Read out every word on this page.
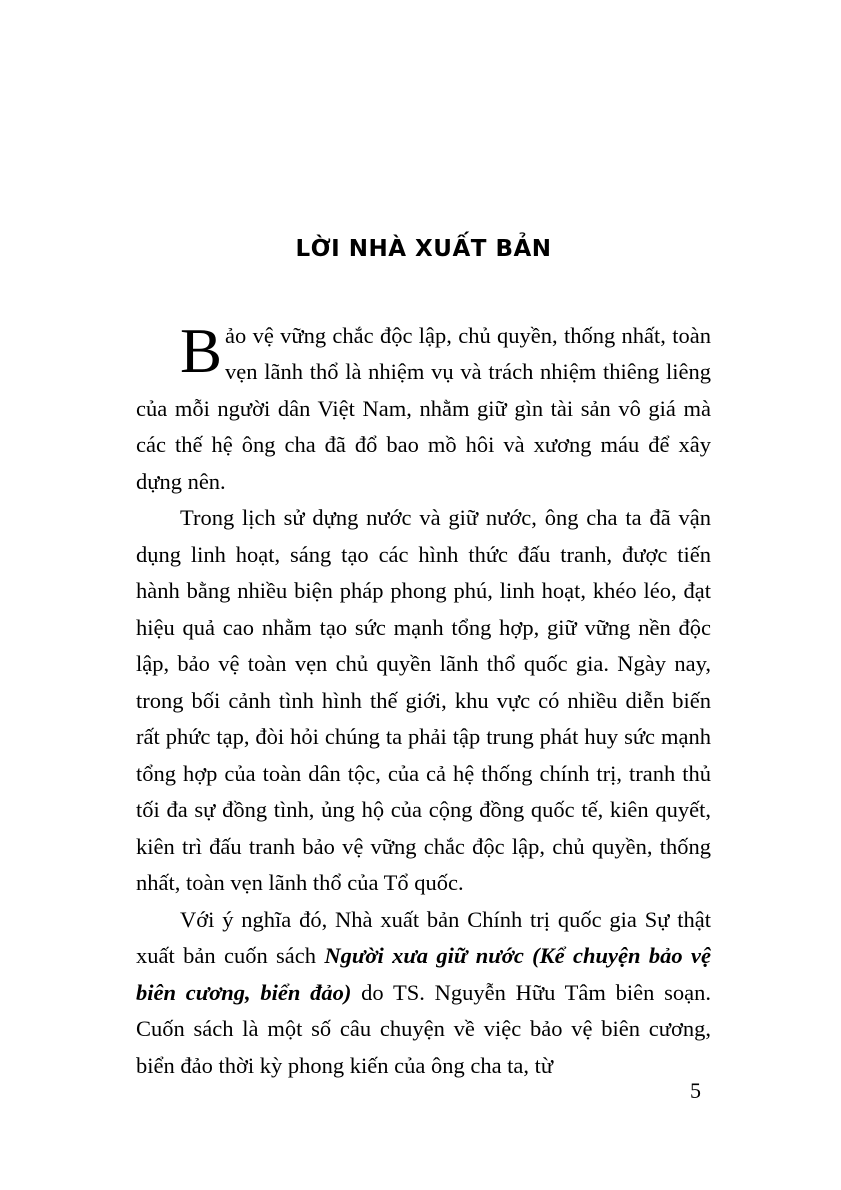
LỜI NHÀ XUẤT BẢN

Bảo vệ vững chắc độc lập, chủ quyền, thống nhất, toàn vẹn lãnh thổ là nhiệm vụ và trách nhiệm thiêng liêng của mỗi người dân Việt Nam, nhằm giữ gìn tài sản vô giá mà các thế hệ ông cha đã đổ bao mồ hôi và xương máu để xây dựng nên.

Trong lịch sử dựng nước và giữ nước, ông cha ta đã vận dụng linh hoạt, sáng tạo các hình thức đấu tranh, được tiến hành bằng nhiều biện pháp phong phú, linh hoạt, khéo léo, đạt hiệu quả cao nhằm tạo sức mạnh tổng hợp, giữ vững nền độc lập, bảo vệ toàn vẹn chủ quyền lãnh thổ quốc gia. Ngày nay, trong bối cảnh tình hình thế giới, khu vực có nhiều diễn biến rất phức tạp, đòi hỏi chúng ta phải tập trung phát huy sức mạnh tổng hợp của toàn dân tộc, của cả hệ thống chính trị, tranh thủ tối đa sự đồng tình, ủng hộ của cộng đồng quốc tế, kiên quyết, kiên trì đấu tranh bảo vệ vững chắc độc lập, chủ quyền, thống nhất, toàn vẹn lãnh thổ của Tổ quốc.

Với ý nghĩa đó, Nhà xuất bản Chính trị quốc gia Sự thật xuất bản cuốn sách Người xưa giữ nước (Kể chuyện bảo vệ biên cương, biển đảo) do TS. Nguyễn Hữu Tâm biên soạn. Cuốn sách là một số câu chuyện về việc bảo vệ biên cương, biển đảo thời kỳ phong kiến của ông cha ta, từ

5
